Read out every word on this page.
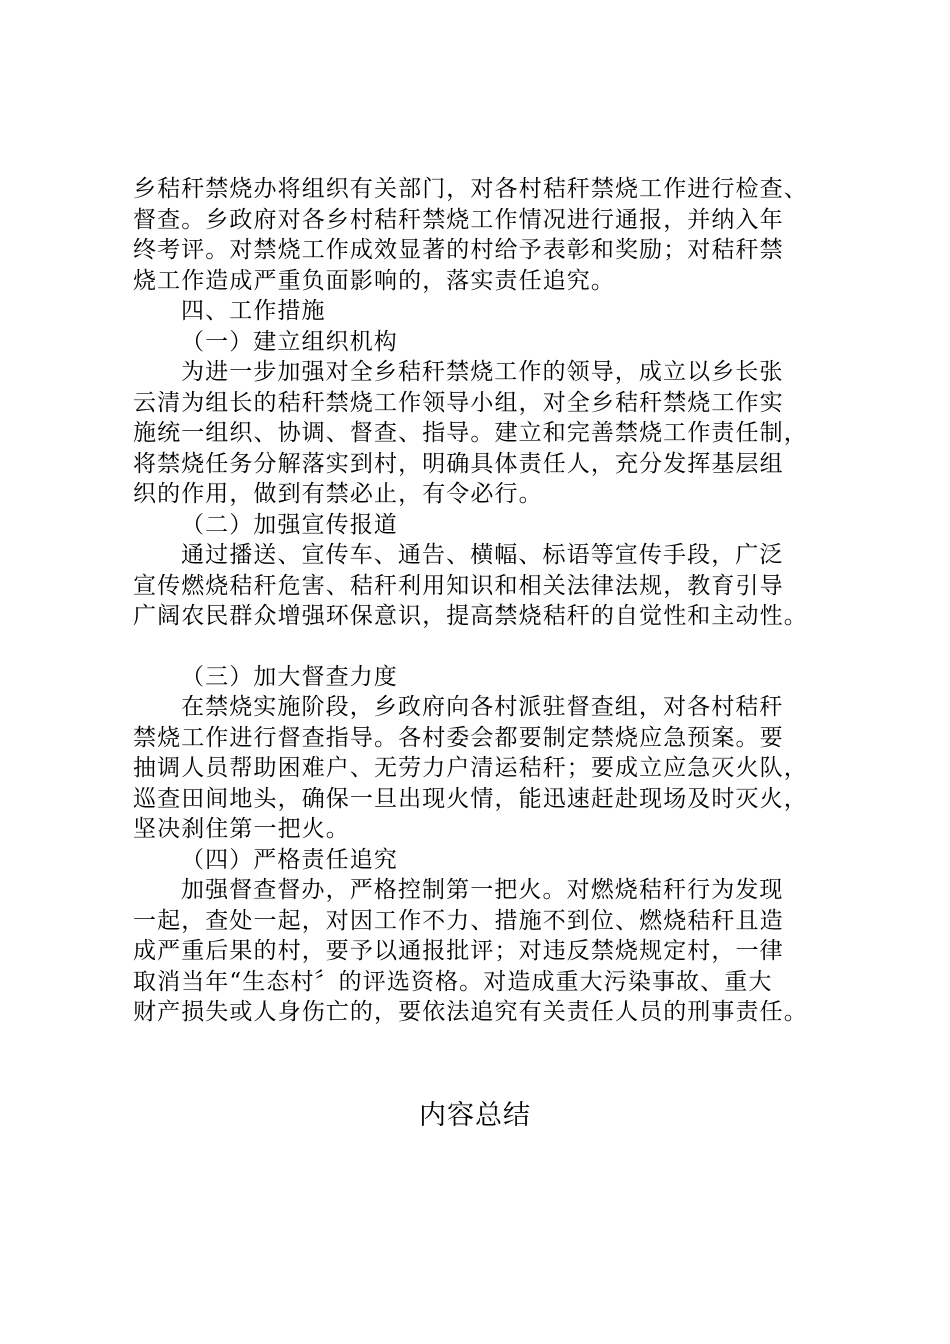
乡秸秆禁烧办将组织有关部门，对各村秸秆禁烧工作进行检查、
督查。乡政府对各乡村秸秆禁烧工作情况进行通报，并纳入年
终考评。对禁烧工作成效显著的村给予表彰和奖励；对秸秆禁
烧工作造成严重负面影响的，落实责任追究。
四、工作措施
（一）建立组织机构
为进一步加强对全乡秸秆禁烧工作的领导，成立以乡长张
云清为组长的秸秆禁烧工作领导小组，对全乡秸秆禁烧工作实
施统一组织、协调、督查、指导。建立和完善禁烧工作责任制，
将禁烧任务分解落实到村，明确具体责任人，充分发挥基层组
织的作用，做到有禁必止，有令必行。
（二）加强宣传报道
通过播送、宣传车、通告、横幅、标语等宣传手段，广泛
宣传燃烧秸秆危害、秸秆利用知识和相关法律法规，教育引导
广阔农民群众增强环保意识，提高禁烧秸秆的自觉性和主动性。
（三）加大督查力度
在禁烧实施阶段，乡政府向各村派驻督查组，对各村秸秆
禁烧工作进行督查指导。各村委会都要制定禁烧应急预案。要
抽调人员帮助困难户、无劳力户清运秸秆；要成立应急灭火队，
巡查田间地头，确保一旦出现火情，能迅速赶赴现场及时灭火，
坚决刹住第一把火。
（四）严格责任追究
加强督查督办，严格控制第一把火。对燃烧秸秆行为发现
一起，查处一起，对因工作不力、措施不到位、燃烧秸秆且造
成严重后果的村，要予以通报批评；对违反禁烧规定村，一律
取消当年“生态村〞的评选资格。对造成重大污染事故、重大
财产损失或人身伤亡的，要依法追究有关责任人员的刑事责任。
内容总结
